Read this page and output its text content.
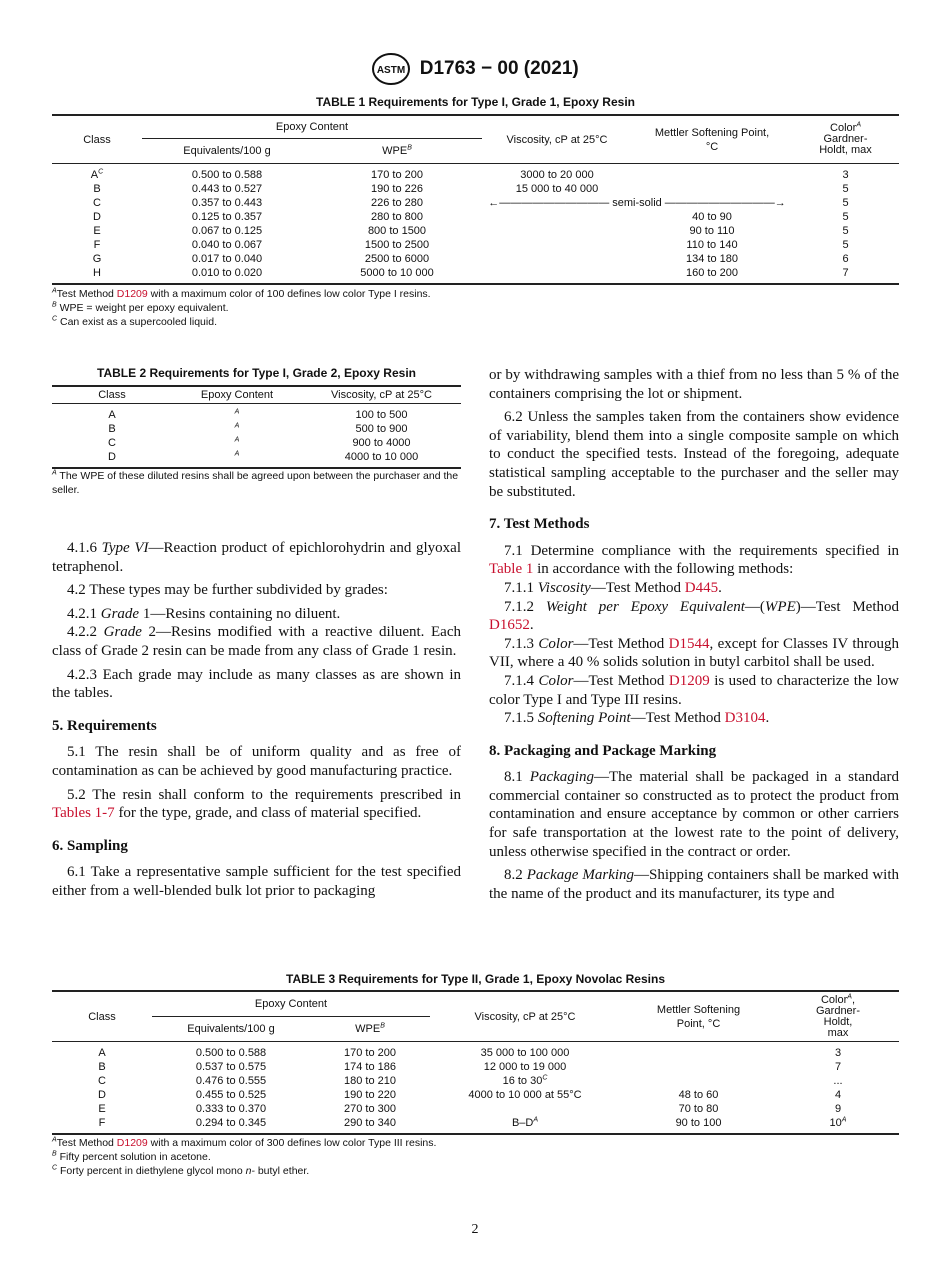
ASTM D1763 − 00 (2021)
TABLE 1 Requirements for Type I, Grade 1, Epoxy Resin
Class	Epoxy Content		Viscosity, cP at 25°C	Mettler Softening Point, °C	Color$^A$
Gardner-Holdt, max
	Equivalents/100 g	$WPE^B$
$A^C$	0.500 to 0.588	170 to 200	3000 to 20 000		3
B	0.443 to 0.527	190 to 226	15 000 to 40 000		5
C	0.357 to 0.443	226 to 280	←—————————— semi-solid ——————————→		5
D	0.125 to 0.357	280 to 800		40 to 90	5
E	0.067 to 0.125	800 to 1500		90 to 110	5
F	0.040 to 0.067	1500 to 2500		110 to 140	5
G	0.017 to 0.040	2500 to 6000		134 to 180	6
H	0.010 to 0.020	5000 to 10 000		160 to 200	7
$^A$Test Method D1209 with a maximum color of 100 defines low color Type I resins.
$^B$ WPE = weight per epoxy equivalent.
$^C$ Can exist as a supercooled liquid.
TABLE 2 Requirements for Type I, Grade 2, Epoxy Resin
Class	Epoxy Content	Viscosity, cP at 25°C
A	$^A$	100 to 500
B	$^A$	500 to 900
C	$^A$	900 to 4000
D	$^A$	4000 to 10 000
$^A$ The WPE of these diluted resins shall be agreed upon between the purchaser and the seller.

4.1.6 Type VI—Reaction product of epichlorohydrin and glyoxal tetraphenol.

4.2 These types may be further subdivided by grades:

4.2.1 Grade 1—Resins containing no diluent.

4.2.2 Grade 2—Resins modified with a reactive diluent. Each class of Grade 2 resin can be made from any class of Grade 1 resin.

4.2.3 Each grade may include as many classes as are shown in the tables.

5. Requirements

5.1 The resin shall be of uniform quality and as free of contamination as can be achieved by good manufacturing practice.

5.2 The resin shall conform to the requirements prescribed in Tables 1-7 for the type, grade, and class of material specified.

6. Sampling

6.1 Take a representative sample sufficient for the test specified either from a well-blended bulk lot prior to packaging

or by withdrawing samples with a thief from no less than 5 % of the containers comprising the lot or shipment.

6.2 Unless the samples taken from the containers show evidence of variability, blend them into a single composite sample on which to conduct the specified tests. Instead of the foregoing, adequate statistical sampling acceptable to the purchaser and the seller may be substituted.

7. Test Methods

7.1 Determine compliance with the requirements specified in Table 1 in accordance with the following methods:

7.1.1 Viscosity—Test Method D445.

7.1.2 Weight per Epoxy Equivalent—(WPE)—Test Method D1652.

7.1.3 Color—Test Method D1544, except for Classes IV through VII, where a 40 % solids solution in butyl carbitol shall be used.

7.1.4 Color—Test Method D1209 is used to characterize the low color Type I and Type III resins.

7.1.5 Softening Point—Test Method D3104.

8. Packaging and Package Marking

8.1 Packaging—The material shall be packaged in a standard commercial container so constructed as to protect the product from contamination and ensure acceptance by common or other carriers for safe transportation at the lowest rate to the point of delivery, unless otherwise specified in the contract or order.

8.2 Package Marking—Shipping containers shall be marked with the name of the product and its manufacturer, its type and

TABLE 3 Requirements for Type II, Grade 1, Epoxy Novolac Resins
Class	Epoxy Content		Viscosity, cP at 25°C	Mettler Softening Point, °C	Color$^A$, Gardner-Holdt, max
	Equivalents/100 g	$WPE^B$
A	0.500 to 0.588	170 to 200	35 000 to 100 000		3
B	0.537 to 0.575	174 to 186	12 000 to 19 000		7
C	0.476 to 0.555	180 to 210	16 to $30^C$		...
D	0.455 to 0.525	190 to 220	4000 to 10 000 at 55°C	48 to 60	4
E	0.333 to 0.370	270 to 300		70 to 80	9
F	0.294 to 0.345	290 to 340	$B-D^A$	90 to 100	$10^A$
$^A$Test Method D1209 with a maximum color of 300 defines low color Type III resins.
$^B$ Fifty percent solution in acetone.
$^C$ Forty percent in diethylene glycol mono n- butyl ether.
2
